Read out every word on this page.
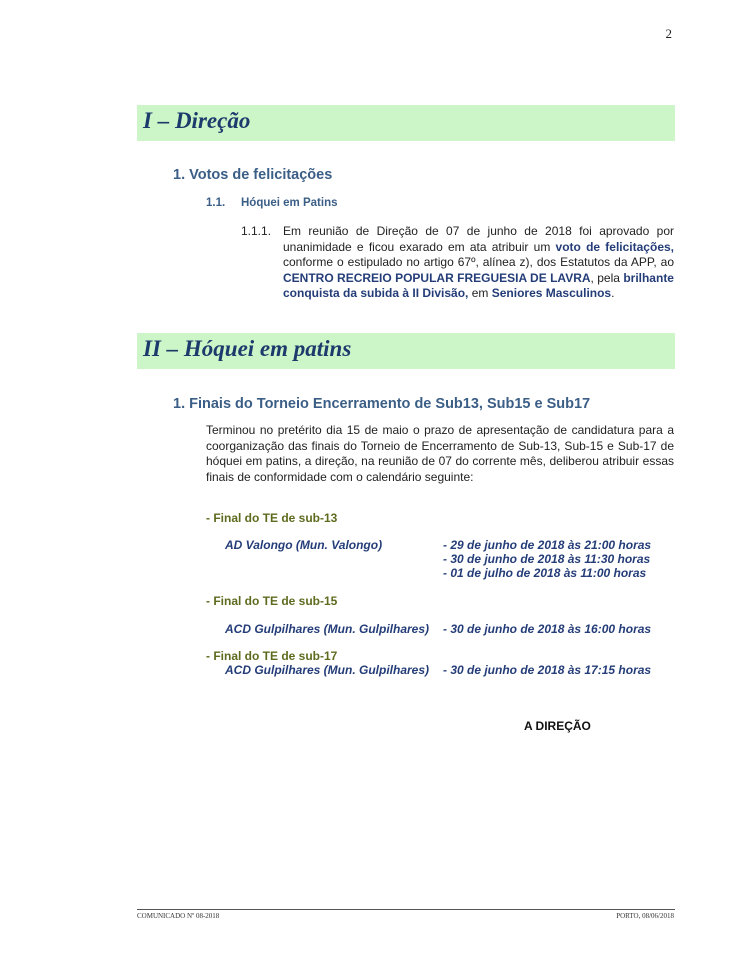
2
I – Direção
1. Votos de felicitações
1.1. Hóquei em Patins
1.1.1. Em reunião de Direção de 07 de junho de 2018 foi aprovado por unanimidade e ficou exarado em ata atribuir um voto de felicitações, conforme o estipulado no artigo 67º, alínea z), dos Estatutos da APP, ao CENTRO RECREIO POPULAR FREGUESIA DE LAVRA, pela brilhante conquista da subida à II Divisão, em Seniores Masculinos.
II – Hóquei em patins
1. Finais do Torneio Encerramento de Sub13, Sub15 e Sub17
Terminou no pretérito dia 15 de maio o prazo de apresentação de candidatura para a coorganização das finais do Torneio de Encerramento de Sub-13, Sub-15 e Sub-17 de hóquei em patins, a direção, na reunião de 07 do corrente mês, deliberou atribuir essas finais de conformidade com o calendário seguinte:
- Final do TE de sub-13
AD Valongo (Mun. Valongo)	- 29 de junho de 2018 às 21:00 horas
- 30 de junho de 2018 às 11:30 horas
- 01 de julho de 2018 às 11:00 horas
- Final do TE de sub-15
ACD Gulpilhares (Mun. Gulpilhares) - 30 de junho de 2018 às 16:00 horas
- Final do TE de sub-17
ACD Gulpilhares (Mun. Gulpilhares) - 30 de junho de 2018 às 17:15 horas
A DIREÇÃO
COMUNICADO Nº 08-2018	PORTO, 08/06/2018
